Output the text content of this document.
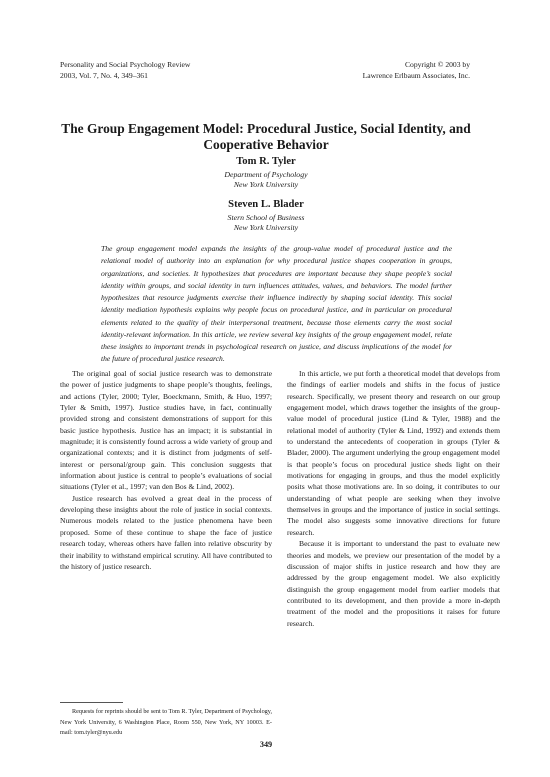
Personality and Social Psychology Review
2003, Vol. 7, No. 4, 349–361
Copyright © 2003 by
Lawrence Erlbaum Associates, Inc.
The Group Engagement Model: Procedural Justice, Social Identity, and Cooperative Behavior
Tom R. Tyler
Department of Psychology
New York University
Steven L. Blader
Stern School of Business
New York University
The group engagement model expands the insights of the group-value model of procedural justice and the relational model of authority into an explanation for why procedural justice shapes cooperation in groups, organizations, and societies. It hypothesizes that procedures are important because they shape people’s social identity within groups, and social identity in turn influences attitudes, values, and behaviors. The model further hypothesizes that resource judgments exercise their influence indirectly by shaping social identity. This social identity mediation hypothesis explains why people focus on procedural justice, and in particular on procedural elements related to the quality of their interpersonal treatment, because those elements carry the most social identity-relevant information. In this article, we review several key insights of the group engagement model, relate these insights to important trends in psychological research on justice, and discuss implications of the model for the future of procedural justice research.

The original goal of social justice research was to demonstrate the power of justice judgments to shape people’s thoughts, feelings, and actions (Tyler, 2000; Tyler, Boeckmann, Smith, & Huo, 1997; Tyler & Smith, 1997). Justice studies have, in fact, continually provided strong and consistent demonstrations of support for this basic justice hypothesis. Justice has an impact; it is substantial in magnitude; it is consistently found across a wide variety of group and organizational contexts; and it is distinct from judgments of self-interest or personal/group gain. This conclusion suggests that information about justice is central to people’s evaluations of social situations (Tyler et al., 1997; van den Bos & Lind, 2002).

Justice research has evolved a great deal in the process of developing these insights about the role of justice in social contexts. Numerous models related to the justice phenomena have been proposed. Some of these continue to shape the face of justice research today, whereas others have fallen into relative obscurity by their inability to withstand empirical scrutiny. All have contributed to the history of justice research.

In this article, we put forth a theoretical model that develops from the findings of earlier models and shifts in the focus of justice research. Specifically, we present theory and research on our group engagement model, which draws together the insights of the group-value model of procedural justice (Lind & Tyler, 1988) and the relational model of authority (Tyler & Lind, 1992) and extends them to understand the antecedents of cooperation in groups (Tyler & Blader, 2000). The argument underlying the group engagement model is that people’s focus on procedural justice sheds light on their motivations for engaging in groups, and thus the model explicitly posits what those motivations are. In so doing, it contributes to our understanding of what people are seeking when they involve themselves in groups and the importance of justice in social settings. The model also suggests some innovative directions for future research.

Because it is important to understand the past to evaluate new theories and models, we preview our presentation of the model by a discussion of major shifts in justice research and how they are addressed by the group engagement model. We also explicitly distinguish the group engagement model from earlier models that contributed to its development, and then provide a more in-depth treatment of the model and the propositions it raises for future research.

Requests for reprints should be sent to Tom R. Tyler, Department of Psychology, New York University, 6 Washington Place, Room 550, New York, NY 10003. E-mail: tom.tyler@nyu.edu
349
